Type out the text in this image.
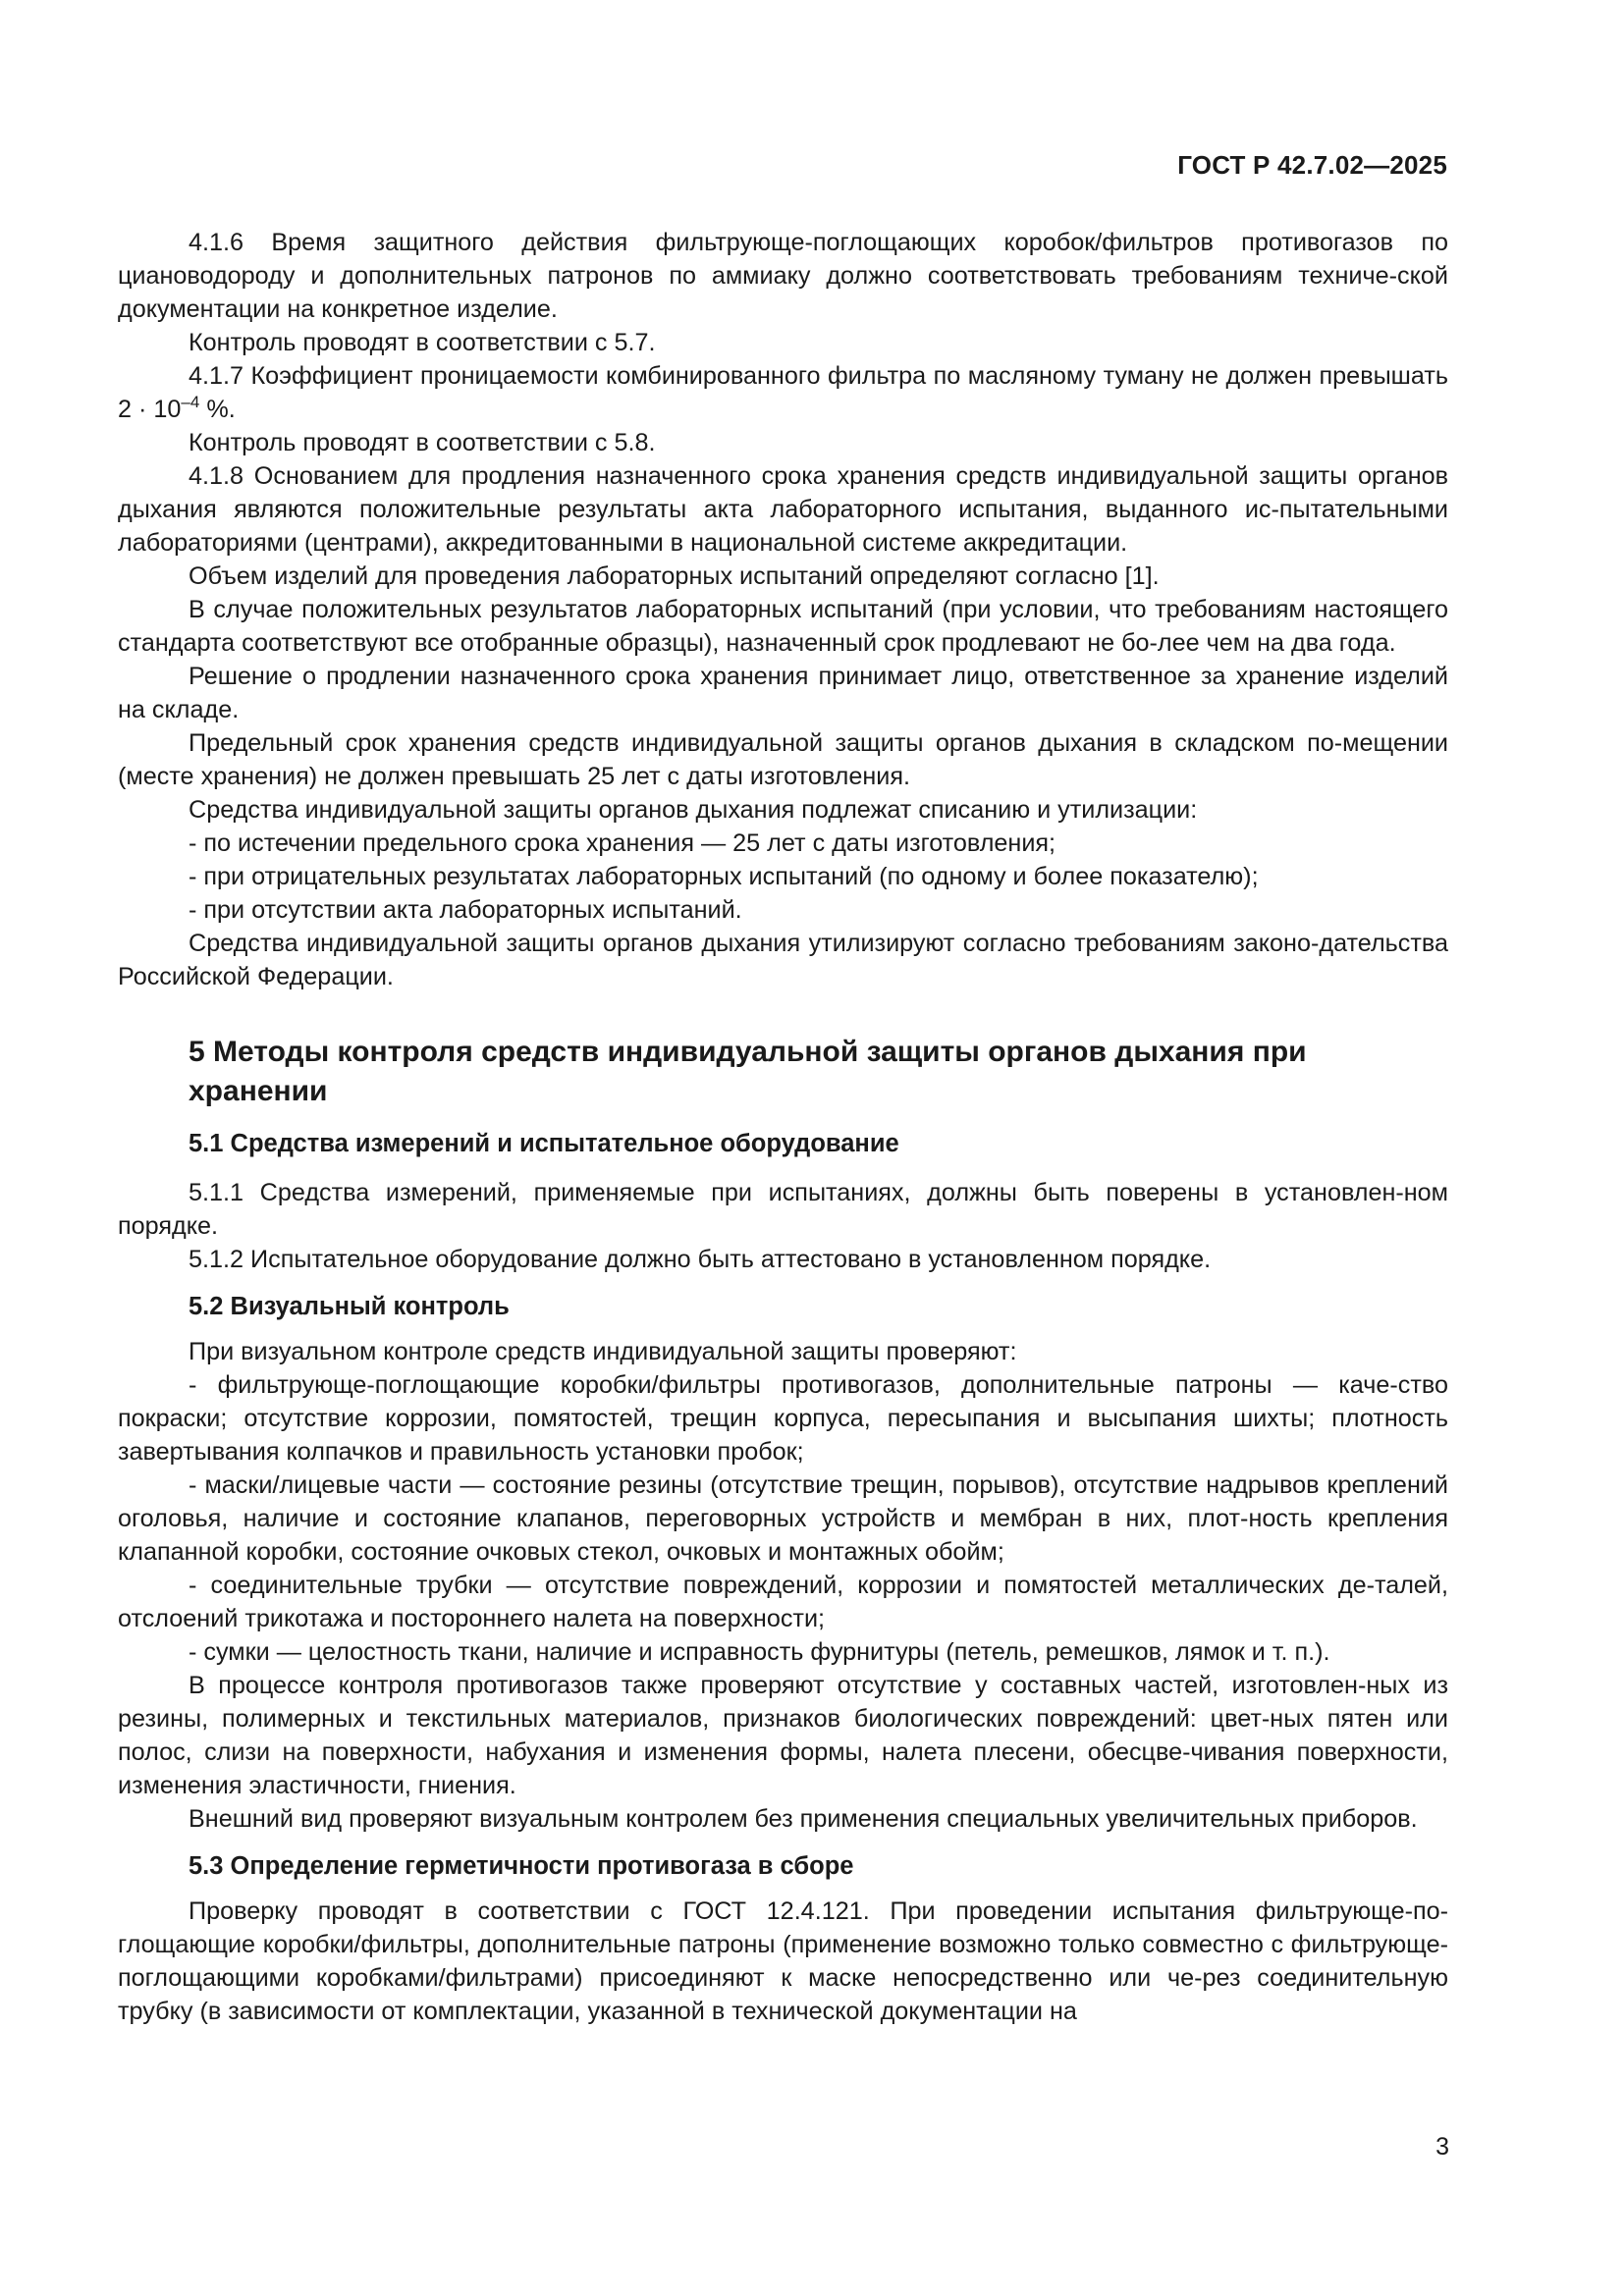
ГОСТ Р 42.7.02—2025

4.1.6 Время защитного действия фильтрующе-поглощающих коробок/фильтров противогазов по циановодороду и дополнительных патронов по аммиаку должно соответствовать требованиям техниче-ской документации на конкретное изделие.

Контроль проводят в соответствии с 5.7.

4.1.7 Коэффициент проницаемости комбинированного фильтра по масляному туману не должен превышать $2 \cdot 10^{-4}$ %.

Контроль проводят в соответствии с 5.8.

4.1.8 Основанием для продления назначенного срока хранения средств индивидуальной защиты органов дыхания являются положительные результаты акта лабораторного испытания, выданного ис-пытательными лабораториями (центрами), аккредитованными в национальной системе аккредитации.

Объем изделий для проведения лабораторных испытаний определяют согласно [1].

В случае положительных результатов лабораторных испытаний (при условии, что требованиям настоящего стандарта соответствуют все отобранные образцы), назначенный срок продлевают не бо-лее чем на два года.

Решение о продлении назначенного срока хранения принимает лицо, ответственное за хранение изделий на складе.

Предельный срок хранения средств индивидуальной защиты органов дыхания в складском по-мещении (месте хранения) не должен превышать 25 лет с даты изготовления.

Средства индивидуальной защиты органов дыхания подлежат списанию и утилизации:

- по истечении предельного срока хранения — 25 лет с даты изготовления;

- при отрицательных результатах лабораторных испытаний (по одному и более показателю);

- при отсутствии акта лабораторных испытаний.

Средства индивидуальной защиты органов дыхания утилизируют согласно требованиям законо-дательства Российской Федерации.

5 Методы контроля средств индивидуальной защиты органов дыхания при хранении
5.1 Средства измерений и испытательное оборудование

5.1.1 Средства измерений, применяемые при испытаниях, должны быть поверены в установлен-ном порядке.

5.1.2 Испытательное оборудование должно быть аттестовано в установленном порядке.

5.2 Визуальный контроль

При визуальном контроле средств индивидуальной защиты проверяют:

- фильтрующе-поглощающие коробки/фильтры противогазов, дополнительные патроны — каче-ство покраски; отсутствие коррозии, помятостей, трещин корпуса, пересыпания и высыпания шихты; плотность завертывания колпачков и правильность установки пробок;

- маски/лицевые части — состояние резины (отсутствие трещин, порывов), отсутствие надрывов креплений оголовья, наличие и состояние клапанов, переговорных устройств и мембран в них, плот-ность крепления клапанной коробки, состояние очковых стекол, очковых и монтажных обойм;

- соединительные трубки — отсутствие повреждений, коррозии и помятостей металлических де-талей, отслоений трикотажа и постороннего налета на поверхности;

- сумки — целостность ткани, наличие и исправность фурнитуры (петель, ремешков, лямок и т. п.).

В процессе контроля противогазов также проверяют отсутствие у составных частей, изготовлен-ных из резины, полимерных и текстильных материалов, признаков биологических повреждений: цвет-ных пятен или полос, слизи на поверхности, набухания и изменения формы, налета плесени, обесцве-чивания поверхности, изменения эластичности, гниения.

Внешний вид проверяют визуальным контролем без применения специальных увеличительных приборов.

5.3 Определение герметичности противогаза в сборе

Проверку проводят в соответствии с ГОСТ 12.4.121. При проведении испытания фильтрующе-по-глощающие коробки/фильтры, дополнительные патроны (применение возможно только совместно с фильтрующе-поглощающими коробками/фильтрами) присоединяют к маске непосредственно или че-рез соединительную трубку (в зависимости от комплектации, указанной в технической документации на

3
